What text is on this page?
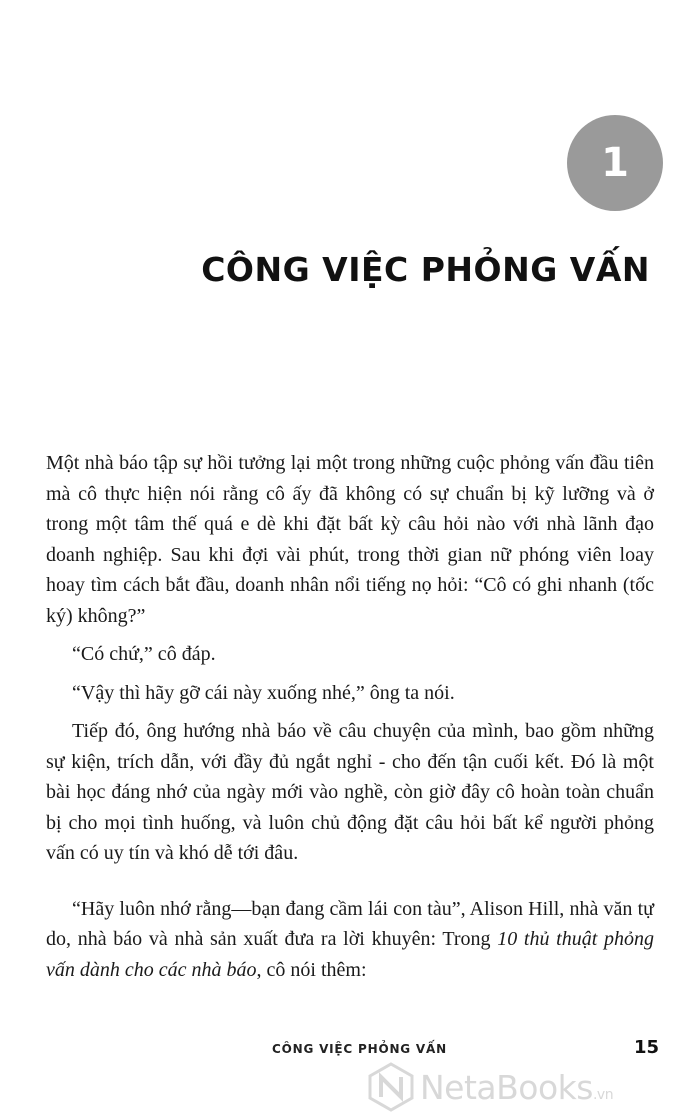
1
CÔNG VIỆC PHỎNG VẤN

Một nhà báo tập sự hồi tưởng lại một trong những cuộc phỏng vấn đầu tiên mà cô thực hiện nói rằng cô ấy đã không có sự chuẩn bị kỹ lưỡng và ở trong một tâm thế quá e dè khi đặt bất kỳ câu hỏi nào với nhà lãnh đạo doanh nghiệp. Sau khi đợi vài phút, trong thời gian nữ phóng viên loay hoay tìm cách bắt đầu, doanh nhân nổi tiếng nọ hỏi: “Cô có ghi nhanh (tốc ký) không?”

“Có chứ,” cô đáp.

“Vậy thì hãy gỡ cái này xuống nhé,” ông ta nói.

Tiếp đó, ông hướng nhà báo về câu chuyện của mình, bao gồm những sự kiện, trích dẫn, với đầy đủ ngắt nghỉ - cho đến tận cuối kết. Đó là một bài học đáng nhớ của ngày mới vào nghề, còn giờ đây cô hoàn toàn chuẩn bị cho mọi tình huống, và luôn chủ động đặt câu hỏi bất kể người phỏng vấn có uy tín và khó dễ tới đâu.

“Hãy luôn nhớ rằng—bạn đang cầm lái con tàu”, Alison Hill, nhà văn tự do, nhà báo và nhà sản xuất đưa ra lời khuyên: Trong 10 thủ thuật phỏng vấn dành cho các nhà báo, cô nói thêm:

CÔNG VIỆC PHỎNG VẤN	15
NetaBooks.vn
